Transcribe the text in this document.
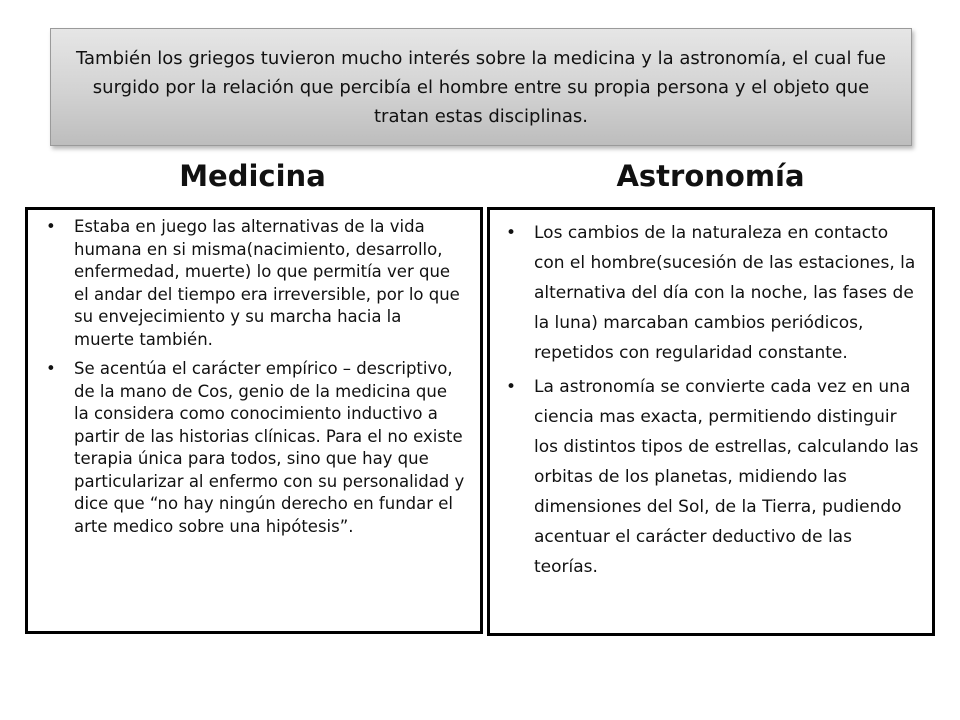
También los griegos tuvieron mucho interés sobre la medicina y la astronomía, el cual fue surgido por la relación que percibía el hombre entre su propia persona y el objeto que tratan estas disciplinas.
Medicina	Astronomía
• Estaba en juego las alternativas de la vida humana en si misma(nacimiento, desarrollo, enfermedad, muerte) lo que permitía ver que el andar del tiempo era irreversible, por lo que su envejecimiento y su marcha hacia la muerte también.
• Se acentúa el carácter empírico – descriptivo, de la mano de Cos, genio de la medicina que la considera como conocimiento inductivo a partir de las historias clínicas. Para el no existe terapia única para todos, sino que hay que particularizar al enfermo con su personalidad y dice que “no hay ningún derecho en fundar el arte medico sobre una hipótesis”.
• Los cambios de la naturaleza en contacto con el hombre(sucesión de las estaciones, la alternativa del día con la noche, las fases de la luna) marcaban cambios periódicos, repetidos con regularidad constante.
• La astronomía se convierte cada vez en una ciencia mas exacta, permitiendo distinguir los distintos tipos de estrellas, calculando las orbitas de los planetas, midiendo las dimensiones del Sol, de la Tierra, pudiendo acentuar el carácter deductivo de las teorías.
